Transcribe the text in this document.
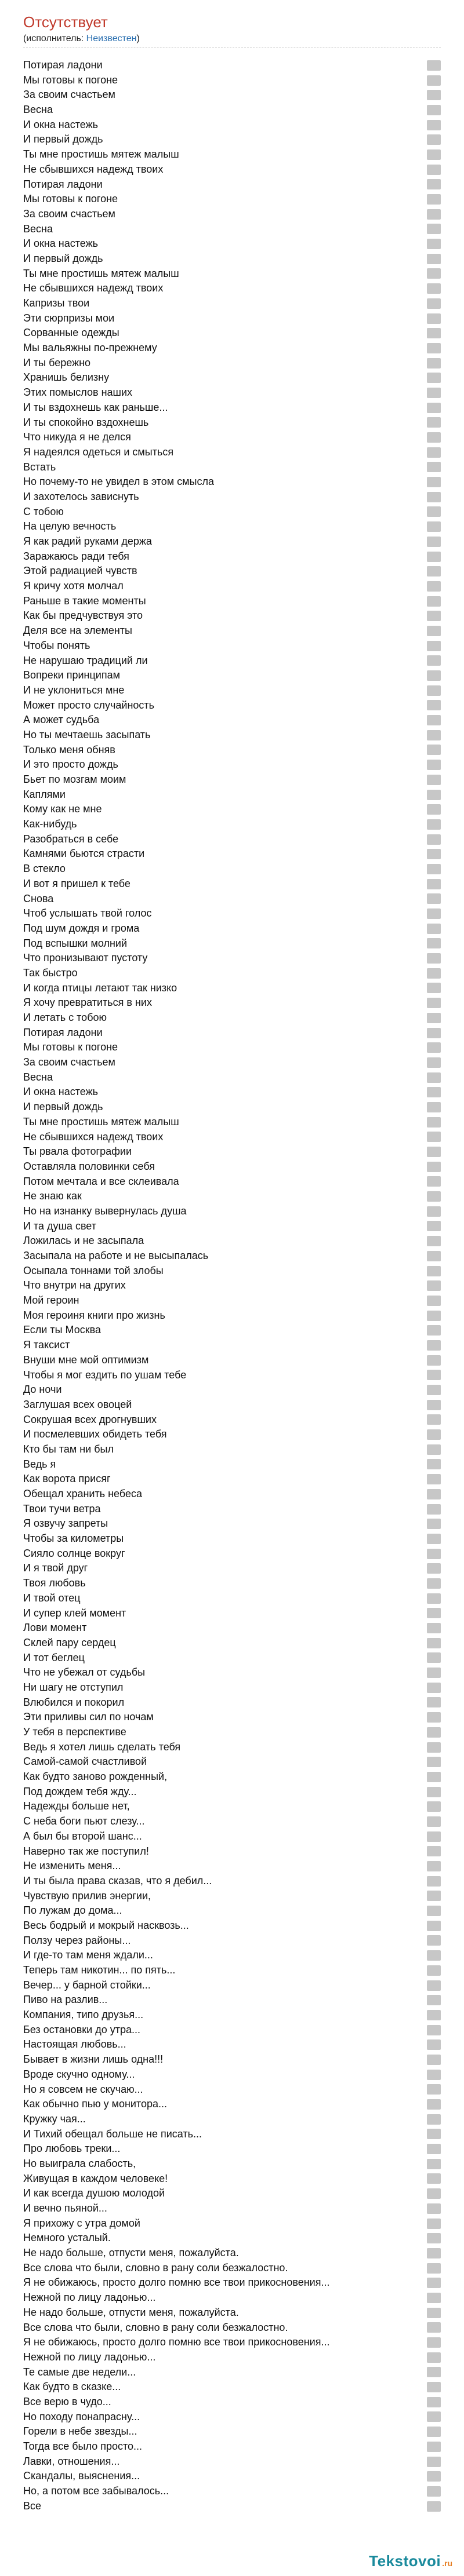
Отсутствует
(исполнитель: Неизвестен)
Потирая ладони
Мы готовы к погоне
За своим счастьем
Весна
И окна настежь
И первый дождь
Ты мне простишь мятеж малыш
Не сбывшихся надежд твоих
Потирая ладони
Мы готовы к погоне
За своим счастьем
Весна
И окна настежь
И первый дождь
Ты мне простишь мятеж малыш
Не сбывшихся надежд твоих
Капризы твои
Эти сюрпризы мои
Сорванные одежды
Мы вальяжны по-прежнему
И ты бережно
Хранишь белизну
Этих помыслов наших
И ты вздохнешь как раньше...
И ты спокойно вздохнешь
Что никуда я не делся
Я надеялся одеться и смыться
Встать
Но почему-то не увидел в этом смысла
И захотелось зависнуть
С тобою
На целую вечность
Я как радий руками держа
Заражаюсь ради тебя
Этой радиацией чувств
Я кричу хотя молчал
Раньше в такие моменты
Как бы предчувствуя это
Деля все на элементы
Чтобы понять
Не нарушаю традиций ли
Вопреки принципам
И не уклониться мне
Может просто случайность
А может судьба
Но ты мечтаешь засыпать
Только меня обняв
И это просто дождь
Бьет по мозгам моим
Каплями
Кому как не мне
Как-нибудь
Разобраться в себе
Камнями бьются страсти
В стекло
И вот я пришел к тебе
Снова
Чтоб услышать твой голос
Под шум дождя и грома
Под вспышки молний
Что пронизывают пустоту
Так быстро
И когда птицы летают так низко
Я хочу превратиться в них
И летать с тобою
Потирая ладони
Мы готовы к погоне
За своим счастьем
Весна
И окна настежь
И первый дождь
Ты мне простишь мятеж малыш
Не сбывшихся надежд твоих
Ты рвала фотографии
Оставляла половинки себя
Потом мечтала и все склеивала
Не знаю как
Но на изнанку вывернулась душа
И та душа свет
Ложилась и не засыпала
Засыпала на работе и не высыпалась
Осыпала тоннами той злобы
Что внутри на других
Мой героин
Моя героиня книги про жизнь
Если ты Москва
Я таксист
Внуши мне мой оптимизм
Чтобы я мог ездить по ушам тебе
До ночи
Заглушая всех овоцей
Сокрушая всех дрогнувших
И посмелевших обидеть тебя
Кто бы там ни был
Ведь я
Как ворота присяг
Обещал хранить небеса
Твои тучи ветра
Я озвучу запреты
Чтобы за километры
Сияло солнце вокруг
И я твой друг
Твоя любовь
И твой отец
И супер клей момент
Лови момент
Склей пару сердец
И тот беглец
Что не убежал от судьбы
Ни шагу не отступил
Влюбился и покорил
Эти приливы сил по ночам
У тебя в перспективе
Ведь я хотел лишь сделать тебя
Самой-самой счастливой
Как будто заново рожденный,
Под дождем тебя жду...
Надежды больше нет,
С неба боги пьют слезу...
А был бы второй шанс...
Наверно так же поступил!
Не изменить меня...
И ты была права сказав, что я дебил...
Чувствую прилив энергии,
По лужам до дома...
Весь бодрый и мокрый насквозь...
Ползу через районы...
И где-то там меня ждали...
Теперь там никотин... по пять...
Вечер... у барной стойки...
Пиво на разлив...
Компания, типо друзья...
Без остановки до утра...
Настоящая любовь...
Бывает в жизни лишь одна!!!
Вроде скучно одному...
Но я совсем не скучаю...
Как обычно пью у монитора...
Кружку чая...
И Тихий обещал больше не писать...
Про любовь треки...
Но выиграла слабость,
Живущая в каждом человеке!
И как всегда душою молодой
И вечно пьяной...
Я прихожу с утра домой
Немного усталый.
Не надо больше, отпусти меня, пожалуйста.
Все слова что были, словно в рану соли безжалостно.
Я не обижаюсь, просто долго помню все твои прикосновения...
Нежной по лицу ладонью...
Не надо больше, отпусти меня, пожалуйста.
Все слова что были, словно в рану соли безжалостно.
Я не обижаюсь, просто долго помню все твои прикосновения...
Нежной по лицу ладонью...
Те самые две недели...
Как будто в сказке...
Все верю в чудо...
Но походу понапрасну...
Горели в небе звезды...
Тогда все было просто...
Лавки, отношения...
Скандалы, выяснения...
Но, а потом все забывалось...
Все
Tekstovoi .ru
